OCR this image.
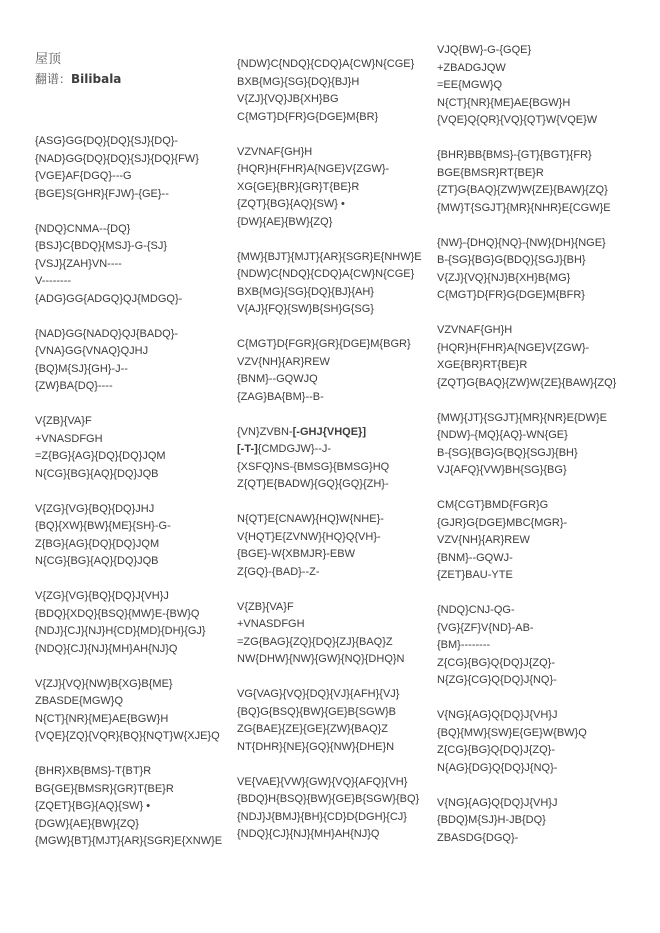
屋顶
翻谱：Bilibala
{ASG}GG{DQ}{DQ}{SJ}{DQ}-
{NAD}GG{DQ}{DQ}{SJ}{DQ}{FW}
{VGE}AF{DGQ}---G
{BGE}S{GHR}{FJW}-{GE}--
{NDQ}CNMA--{DQ}
{BSJ}C{BDQ}{MSJ}-G-{SJ}
{VSJ}{ZAH}VN----
V--------
{ADG}GG{ADGQ}QJ{MDGQ}-
{NAD}GG{NADQ}QJ{BADQ}-
{VNA}GG{VNAQ}QJHJ
{BQ}M{SJ}{GH}-J--
{ZW}BA{DQ}----
V{ZB}{VA}F
+VNASDFGH
=Z{BG}{AG}{DQ}{DQ}JQM
N{CG}{BG}{AQ}{DQ}JQB
V{ZG}{VG}{BQ}{DQ}JHJ
{BQ}{XW}{BW}{ME}{SH}-G-
Z{BG}{AG}{DQ}{DQ}JQM
N{CG}{BG}{AQ}{DQ}JQB
V{ZG}{VG}{BQ}{DQ}J{VH}J
{BDQ}{XDQ}{BSQ}{MW}E-{BW}Q
{NDJ}{CJ}{NJ}H{CD}{MD}{DH}{GJ}
{NDQ}{CJ}{NJ}{MH}AH{NJ}Q
V{ZJ}{VQ}{NW}B{XG}B{ME}
ZBASDE{MGW}Q
N{CT}{NR}{ME}AE{BGW}H
{VQE}{ZQ}{VQR}{BQ}{NQT}W{XJE}Q
{BHR}XB{BMS}-T{BT}R
BG{GE}{BMSR}{GR}T{BE}R
{ZQET}{BG}{AQ}{SW} •
{DGW}{AE}{BW}{ZQ}
{MGW}{BT}{MJT}{AR}{SGR}E{XNW}E
{NDW}C{NDQ}{CDQ}A{CW}N{CGE}
BXB{MG}{SG}{DQ}{BJ}H
V{ZJ}{VQ}JB{XH}BG
C{MGT}D{FR}G{DGE}M{BR}
VZVNAF{GH}H
{HQR}H{FHR}A{NGE}V{ZGW}-
XG{GE}{BR}{GR}T{BE}R
{ZQT}{BG}{AQ}{SW} •
{DW}{AE}{BW}{ZQ}
{MW}{BJT}{MJT}{AR}{SGR}E{NHW}E
{NDW}C{NDQ}{CDQ}A{CW}N{CGE}
BXB{MG}{SG}{DQ}{BJ}{AH}
V{AJ}{FQ}{SW}B{SH}G{SG}
C{MGT}D{FGR}{GR}{DGE}M{BGR}
VZV{NH}{AR}REW
{BNM}--GQWJQ
{ZAG}BA{BM}--B-
{VN}ZVBN-[-GHJ{VHQE}]
[-T-]{CMDGJW}--J-
{XSFQ}NS-{BMSG}{BMSG}HQ
Z{QT}E{BADW}{GQ}{GQ}{ZH}-
N{QT}E{CNAW}{HQ}W{NHE}-
V{HQT}E{ZVNW}{HQ}Q{VH}-
{BGE}-W{XBMJR}-EBW
Z{GQ}-{BAD}--Z-
V{ZB}{VA}F
+VNASDFGH
=ZG{BAG}{ZQ}{DQ}{ZJ}{BAQ}Z
NW{DHW}{NW}{GW}{NQ}{DHQ}N
VG{VAG}{VQ}{DQ}{VJ}{AFH}{VJ}
{BQ}G{BSQ}{BW}{GE}B{SGW}B
ZG{BAE}{ZE}{GE}{ZW}{BAQ}Z
NT{DHR}{NE}{GQ}{NW}{DHE}N
VE{VAE}{VW}{GW}{VQ}{AFQ}{VH}
{BDQ}H{BSQ}{BW}{GE}B{SGW}{BQ}
{NDJ}J{BMJ}{BH}{CD}D{DGH}{CJ}
{NDQ}{CJ}{NJ}{MH}AH{NJ}Q
VJQ{BW}-G-{GQE}
+ZBADGJQW
=EE{MGW}Q
N{CT}{NR}{ME}AE{BGW}H
{VQE}Q{QR}{VQ}{QT}W{VQE}W
{BHR}BB{BMS}-{GT}{BGT}{FR}
BGE{BMSR}RT{BE}R
{ZT}G{BAQ}{ZW}W{ZE}{BAW}{ZQ}
{MW}T{SGJT}{MR}{NHR}E{CGW}E
{NW}-{DHQ}{NQ}-{NW}{DH}{NGE}
B-{SG}{BG}G{BDQ}{SGJ}{BH}
V{ZJ}{VQ}{NJ}B{XH}B{MG}
C{MGT}D{FR}G{DGE}M{BFR}
VZVNAF{GH}H
{HQR}H{FHR}A{NGE}V{ZGW}-
XGE{BR}RT{BE}R
{ZQT}G{BAQ}{ZW}W{ZE}{BAW}{ZQ}
{MW}{JT}{SGJT}{MR}{NR}E{DW}E
{NDW}-{MQ}{AQ}-WN{GE}
B-{SG}{BG}G{BQ}{SGJ}{BH}
VJ{AFQ}{VW}BH{SG}{BG}
CM{CGT}BMD{FGR}G
{GJR}G{DGE}MBC{MGR}-
VZV{NH}{AR}REW
{BNM}--GQWJ-
{ZET}BAU-YTE
{NDQ}CNJ-QG-
{VG}{ZF}V{ND}-AB-
{BM}--------
Z{CG}{BG}Q{DQ}J{ZQ}-
N{ZG}{CG}Q{DQ}J{NQ}-
V{NG}{AG}Q{DQ}J{VH}J
{BQ}{MW}{SW}E{GE}W{BW}Q
Z{CG}{BG}Q{DQ}J{ZQ}-
N{AG}{DG}Q{DQ}J{NQ}-
V{NG}{AG}Q{DQ}J{VH}J
{BDQ}M{SJ}H-JB{DQ}
ZBASDG{DGQ}-
